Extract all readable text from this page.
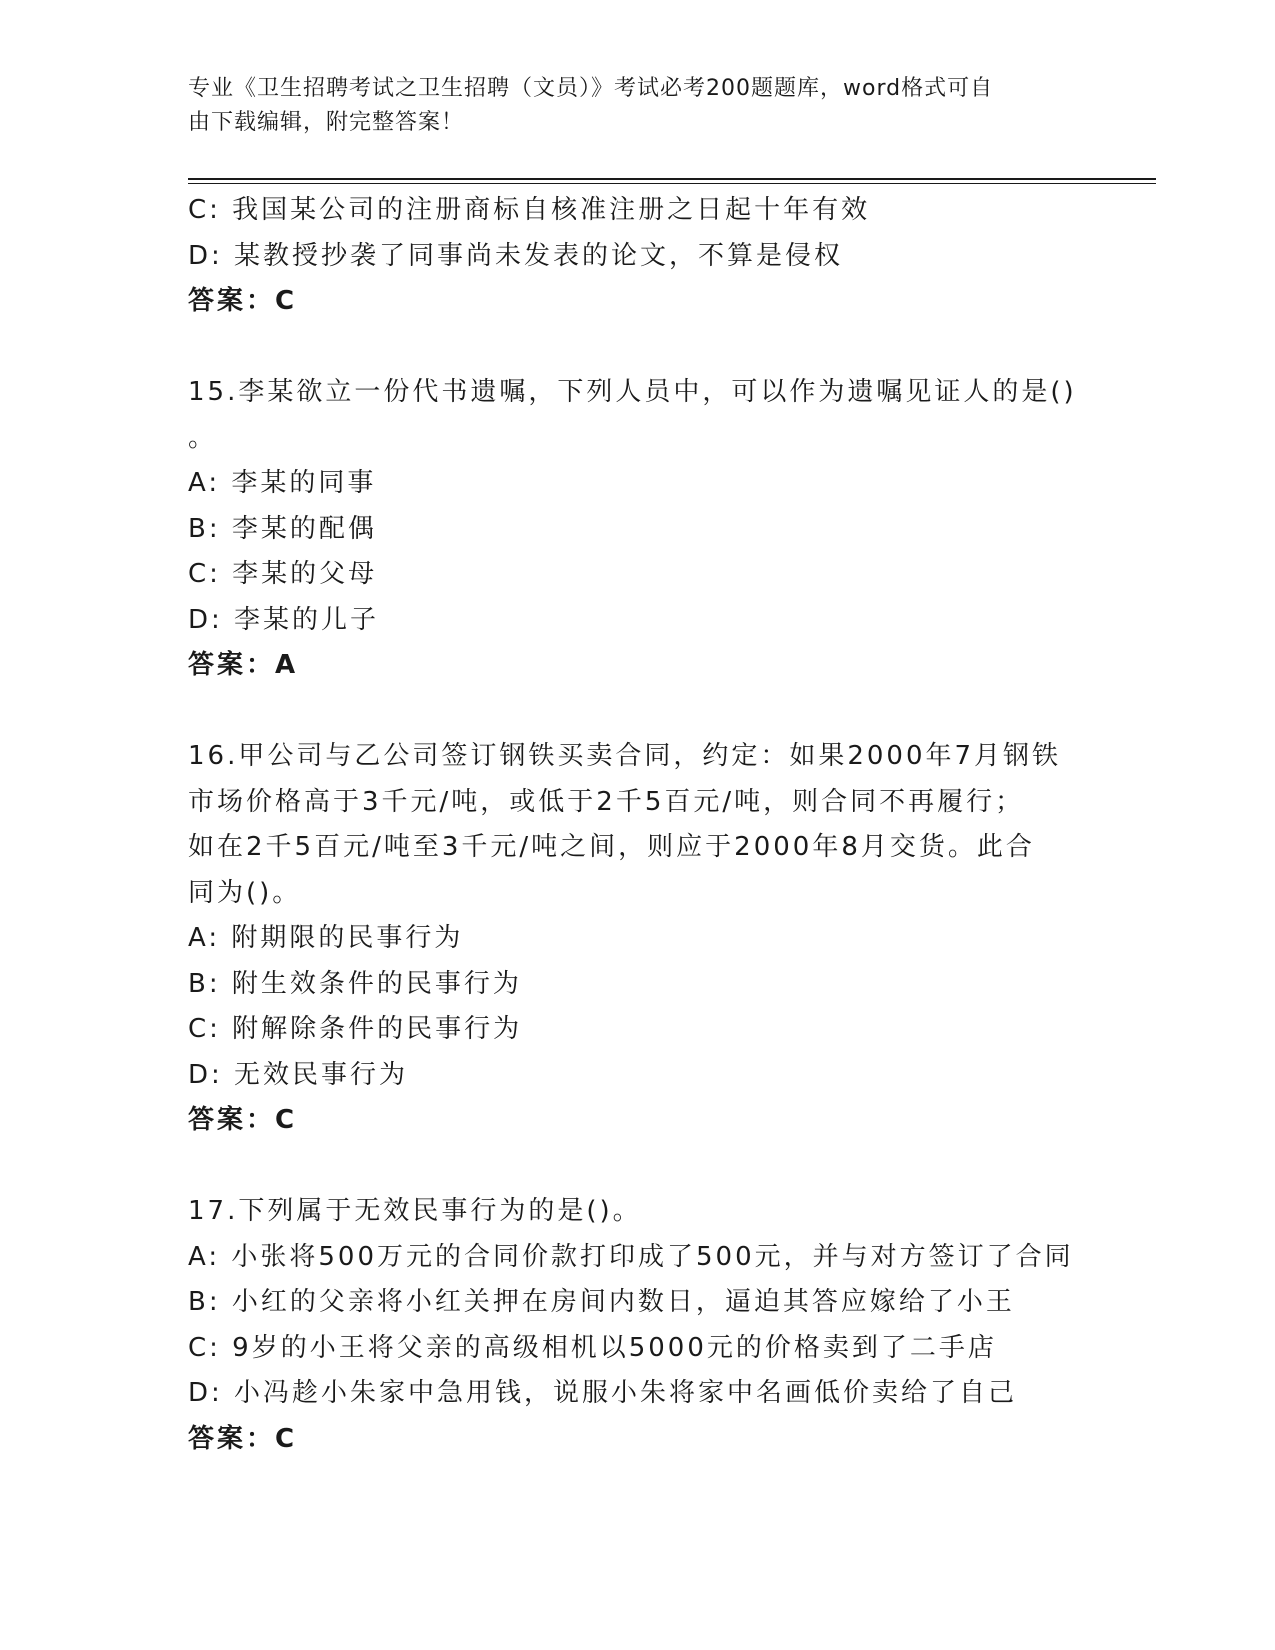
专业《卫生招聘考试之卫生招聘（文员）》考试必考200题题库，word格式可自
由下载编辑，附完整答案！
C: 我国某公司的注册商标自核准注册之日起十年有效
D: 某教授抄袭了同事尚未发表的论文，不算是侵权
答案：C
15.李某欲立一份代书遗嘱，下列人员中，可以作为遗嘱见证人的是()
。
A: 李某的同事
B: 李某的配偶
C: 李某的父母
D: 李某的儿子
答案：A
16.甲公司与乙公司签订钢铁买卖合同，约定：如果2000年7月钢铁
市场价格高于3千元/吨，或低于2千5百元/吨，则合同不再履行；
如在2千5百元/吨至3千元/吨之间，则应于2000年8月交货。此合
同为()。
A: 附期限的民事行为
B: 附生效条件的民事行为
C: 附解除条件的民事行为
D: 无效民事行为
答案：C
17.下列属于无效民事行为的是()。
A: 小张将500万元的合同价款打印成了500元，并与对方签订了合同
B: 小红的父亲将小红关押在房间内数日，逼迫其答应嫁给了小王
C: 9岁的小王将父亲的高级相机以5000元的价格卖到了二手店
D: 小冯趁小朱家中急用钱，说服小朱将家中名画低价卖给了自己
答案：C
